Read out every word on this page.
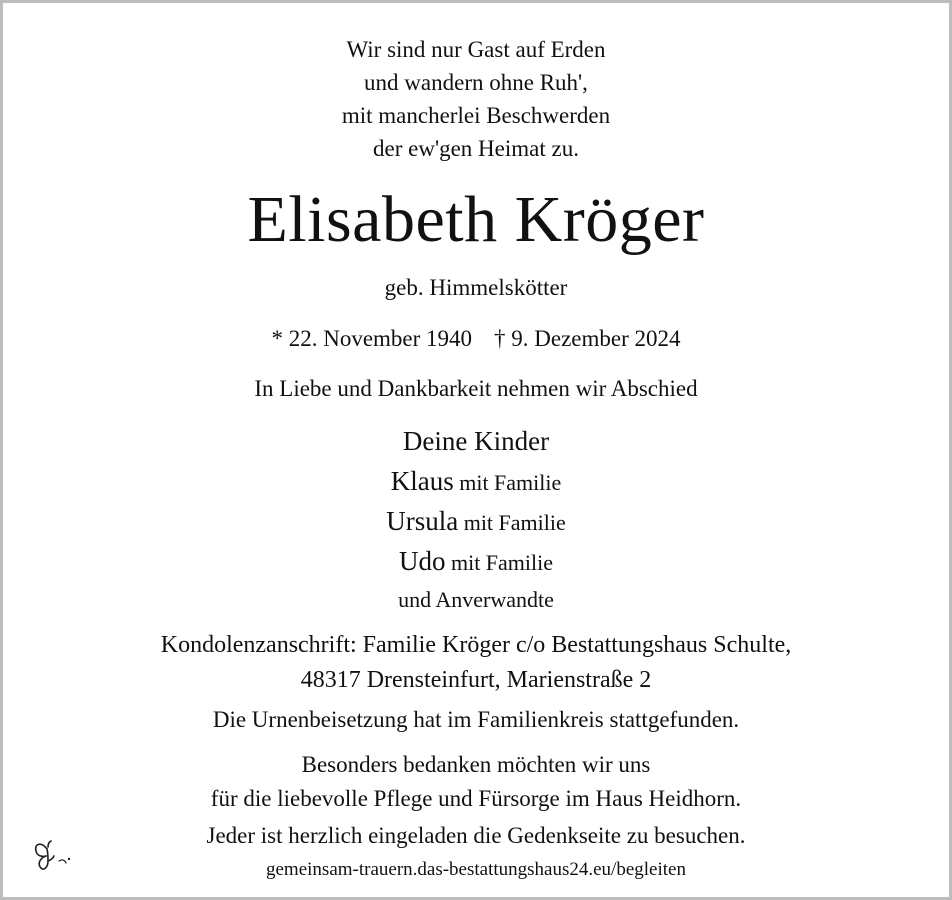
Wir sind nur Gast auf Erden
und wandern ohne Ruh',
mit mancherlei Beschwerden
der ew'gen Heimat zu.
Elisabeth Kröger
geb. Himmelskötter
* 22. November 1940 † 9. Dezember 2024
In Liebe und Dankbarkeit nehmen wir Abschied
Deine Kinder
Klaus mit Familie
Ursula mit Familie
Udo mit Familie
und Anverwandte
Kondolenzanschrift: Familie Kröger c/o Bestattungshaus Schulte,
48317 Drensteinfurt, Marienstraße 2
Die Urnenbeisetzung hat im Familienkreis stattgefunden.
Besonders bedanken möchten wir uns
für die liebevolle Pflege und Fürsorge im Haus Heidhorn.
Jeder ist herzlich eingeladen die Gedenkseite zu besuchen.
gemeinsam-trauern.das-bestattungshaus24.eu/begleiten
